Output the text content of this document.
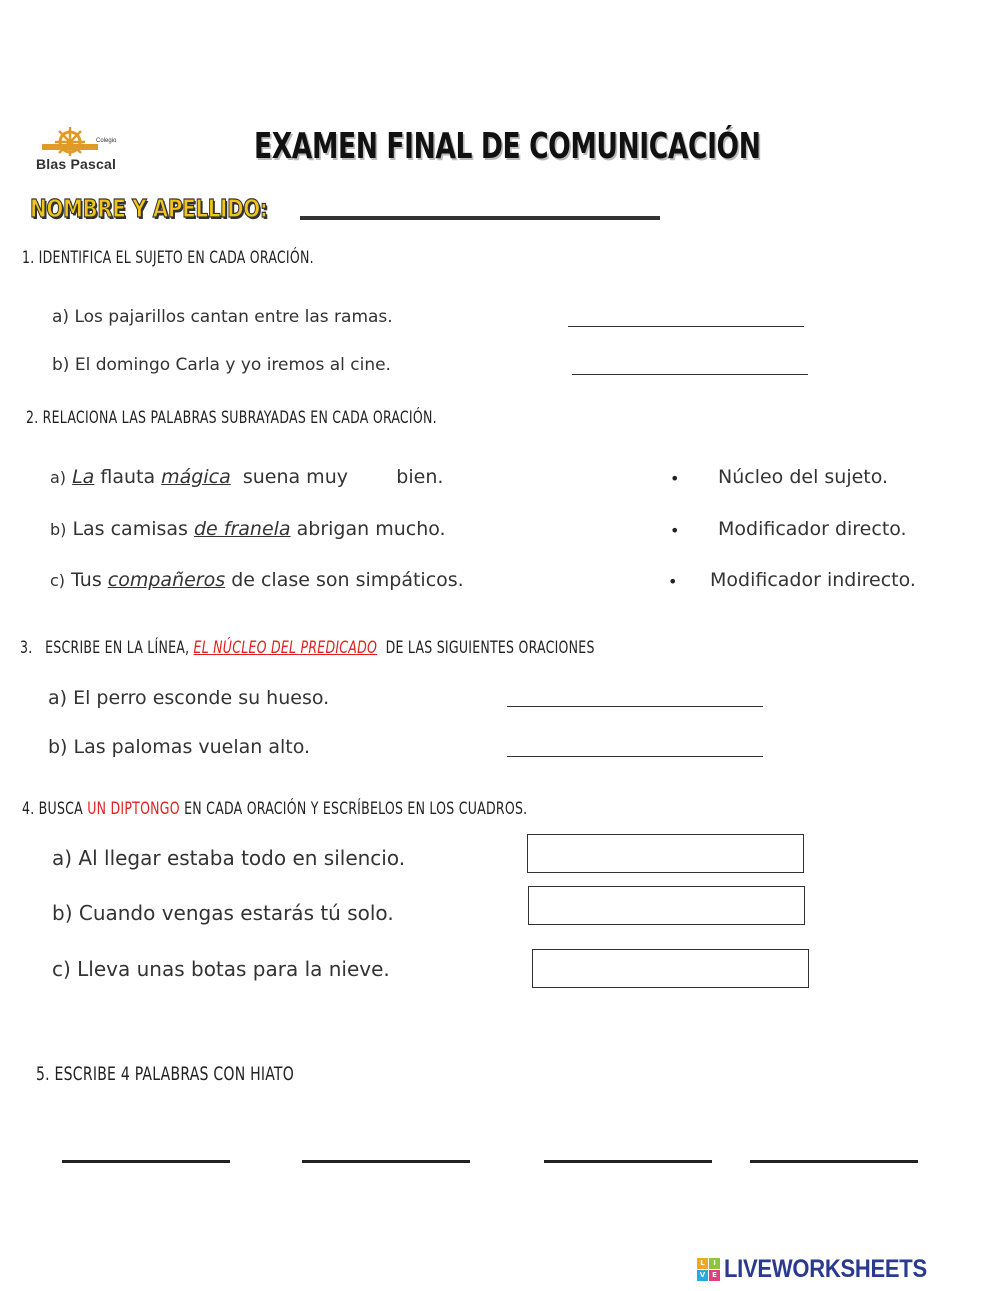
Colegio
Blas Pascal	EXAMEN FINAL DE COMUNICACIÓN
NOMBRE Y APELLIDO:
1. IDENTIFICA EL SUJETO EN CADA ORACIÓN.
a) Los pajarillos cantan entre las ramas.
b) El domingo Carla y yo iremos al cine.
2. RELACIONA LAS PALABRAS SUBRAYADAS EN CADA ORACIÓN.
a) La flauta mágica  suena muy        bien.
b) Las camisas de franela abrigan mucho.
c) Tus compañeros de clase son simpáticos.
• Núcleo del sujeto.
• Modificador directo.
• Modificador indirecto.
3.   ESCRIBE EN LA LÍNEA, EL NÚCLEO DEL PREDICADO  DE LAS SIGUIENTES ORACIONES
a) El perro esconde su hueso.
b) Las palomas vuelan alto.
4. BUSCA UN DIPTONGO EN CADA ORACIÓN Y ESCRÍBELOS EN LOS CUADROS.
a) Al llegar estaba todo en silencio.
b) Cuando vengas estarás tú solo.
c) Lleva unas botas para la nieve.
5. ESCRIBE 4 PALABRAS CON HIATO
L	I
V E LIVEWORKSHEETS
